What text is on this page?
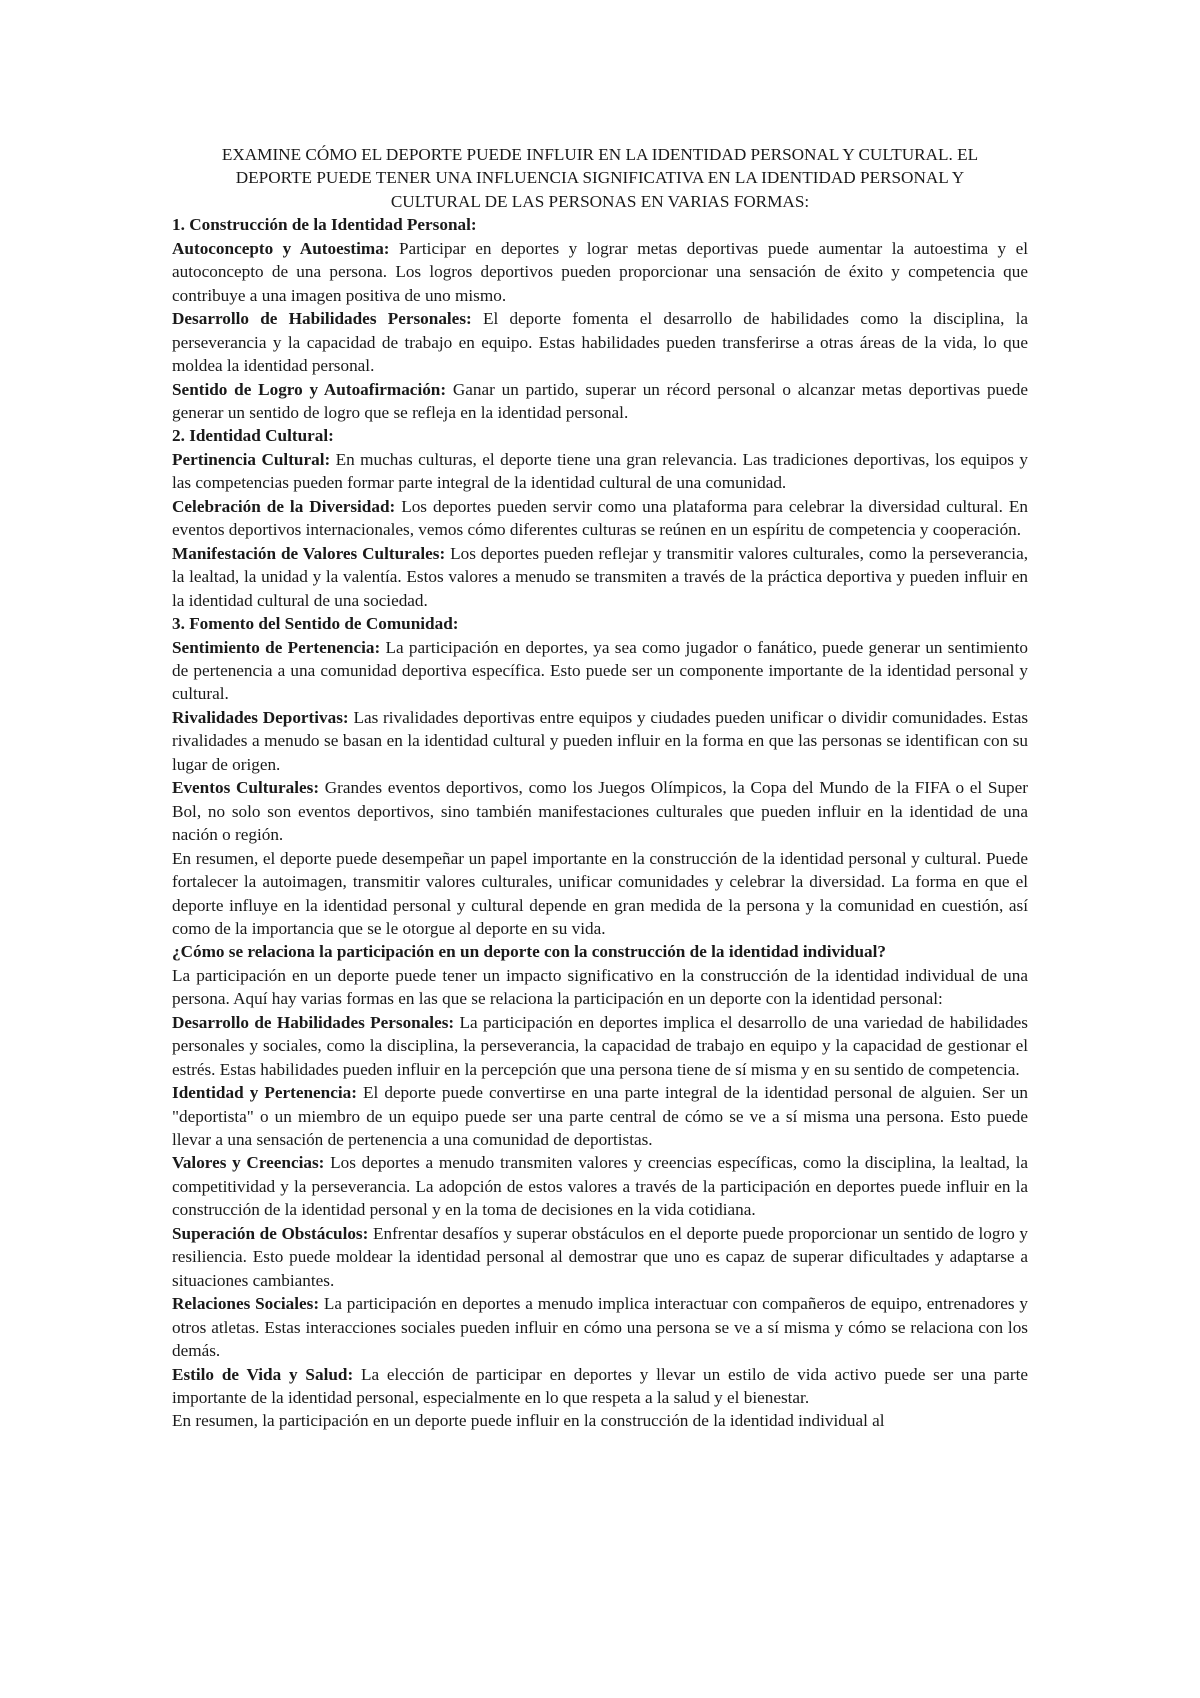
EXAMINE CÓMO EL DEPORTE PUEDE INFLUIR EN LA IDENTIDAD PERSONAL Y CULTURAL. EL DEPORTE PUEDE TENER UNA INFLUENCIA SIGNIFICATIVA EN LA IDENTIDAD PERSONAL Y CULTURAL DE LAS PERSONAS EN VARIAS FORMAS:

1. Construcción de la Identidad Personal:

Autoconcepto y Autoestima: Participar en deportes y lograr metas deportivas puede aumentar la autoestima y el autoconcepto de una persona. Los logros deportivos pueden proporcionar una sensación de éxito y competencia que contribuye a una imagen positiva de uno mismo.

Desarrollo de Habilidades Personales: El deporte fomenta el desarrollo de habilidades como la disciplina, la perseverancia y la capacidad de trabajo en equipo. Estas habilidades pueden transferirse a otras áreas de la vida, lo que moldea la identidad personal.

Sentido de Logro y Autoafirmación: Ganar un partido, superar un récord personal o alcanzar metas deportivas puede generar un sentido de logro que se refleja en la identidad personal.

2. Identidad Cultural:

Pertinencia Cultural: En muchas culturas, el deporte tiene una gran relevancia. Las tradiciones deportivas, los equipos y las competencias pueden formar parte integral de la identidad cultural de una comunidad.

Celebración de la Diversidad: Los deportes pueden servir como una plataforma para celebrar la diversidad cultural. En eventos deportivos internacionales, vemos cómo diferentes culturas se reúnen en un espíritu de competencia y cooperación.

Manifestación de Valores Culturales: Los deportes pueden reflejar y transmitir valores culturales, como la perseverancia, la lealtad, la unidad y la valentía. Estos valores a menudo se transmiten a través de la práctica deportiva y pueden influir en la identidad cultural de una sociedad.

3. Fomento del Sentido de Comunidad:

Sentimiento de Pertenencia: La participación en deportes, ya sea como jugador o fanático, puede generar un sentimiento de pertenencia a una comunidad deportiva específica. Esto puede ser un componente importante de la identidad personal y cultural.

Rivalidades Deportivas: Las rivalidades deportivas entre equipos y ciudades pueden unificar o dividir comunidades. Estas rivalidades a menudo se basan en la identidad cultural y pueden influir en la forma en que las personas se identifican con su lugar de origen.

Eventos Culturales: Grandes eventos deportivos, como los Juegos Olímpicos, la Copa del Mundo de la FIFA o el Super Bol, no solo son eventos deportivos, sino también manifestaciones culturales que pueden influir en la identidad de una nación o región.

En resumen, el deporte puede desempeñar un papel importante en la construcción de la identidad personal y cultural. Puede fortalecer la autoimagen, transmitir valores culturales, unificar comunidades y celebrar la diversidad. La forma en que el deporte influye en la identidad personal y cultural depende en gran medida de la persona y la comunidad en cuestión, así como de la importancia que se le otorgue al deporte en su vida.

¿Cómo se relaciona la participación en un deporte con la construcción de la identidad individual?

La participación en un deporte puede tener un impacto significativo en la construcción de la identidad individual de una persona. Aquí hay varias formas en las que se relaciona la participación en un deporte con la identidad personal:

Desarrollo de Habilidades Personales: La participación en deportes implica el desarrollo de una variedad de habilidades personales y sociales, como la disciplina, la perseverancia, la capacidad de trabajo en equipo y la capacidad de gestionar el estrés. Estas habilidades pueden influir en la percepción que una persona tiene de sí misma y en su sentido de competencia.

Identidad y Pertenencia: El deporte puede convertirse en una parte integral de la identidad personal de alguien. Ser un "deportista" o un miembro de un equipo puede ser una parte central de cómo se ve a sí misma una persona. Esto puede llevar a una sensación de pertenencia a una comunidad de deportistas.

Valores y Creencias: Los deportes a menudo transmiten valores y creencias específicas, como la disciplina, la lealtad, la competitividad y la perseverancia. La adopción de estos valores a través de la participación en deportes puede influir en la construcción de la identidad personal y en la toma de decisiones en la vida cotidiana.

Superación de Obstáculos: Enfrentar desafíos y superar obstáculos en el deporte puede proporcionar un sentido de logro y resiliencia. Esto puede moldear la identidad personal al demostrar que uno es capaz de superar dificultades y adaptarse a situaciones cambiantes.

Relaciones Sociales: La participación en deportes a menudo implica interactuar con compañeros de equipo, entrenadores y otros atletas. Estas interacciones sociales pueden influir en cómo una persona se ve a sí misma y cómo se relaciona con los demás.

Estilo de Vida y Salud: La elección de participar en deportes y llevar un estilo de vida activo puede ser una parte importante de la identidad personal, especialmente en lo que respeta a la salud y el bienestar.

En resumen, la participación en un deporte puede influir en la construcción de la identidad individual al
